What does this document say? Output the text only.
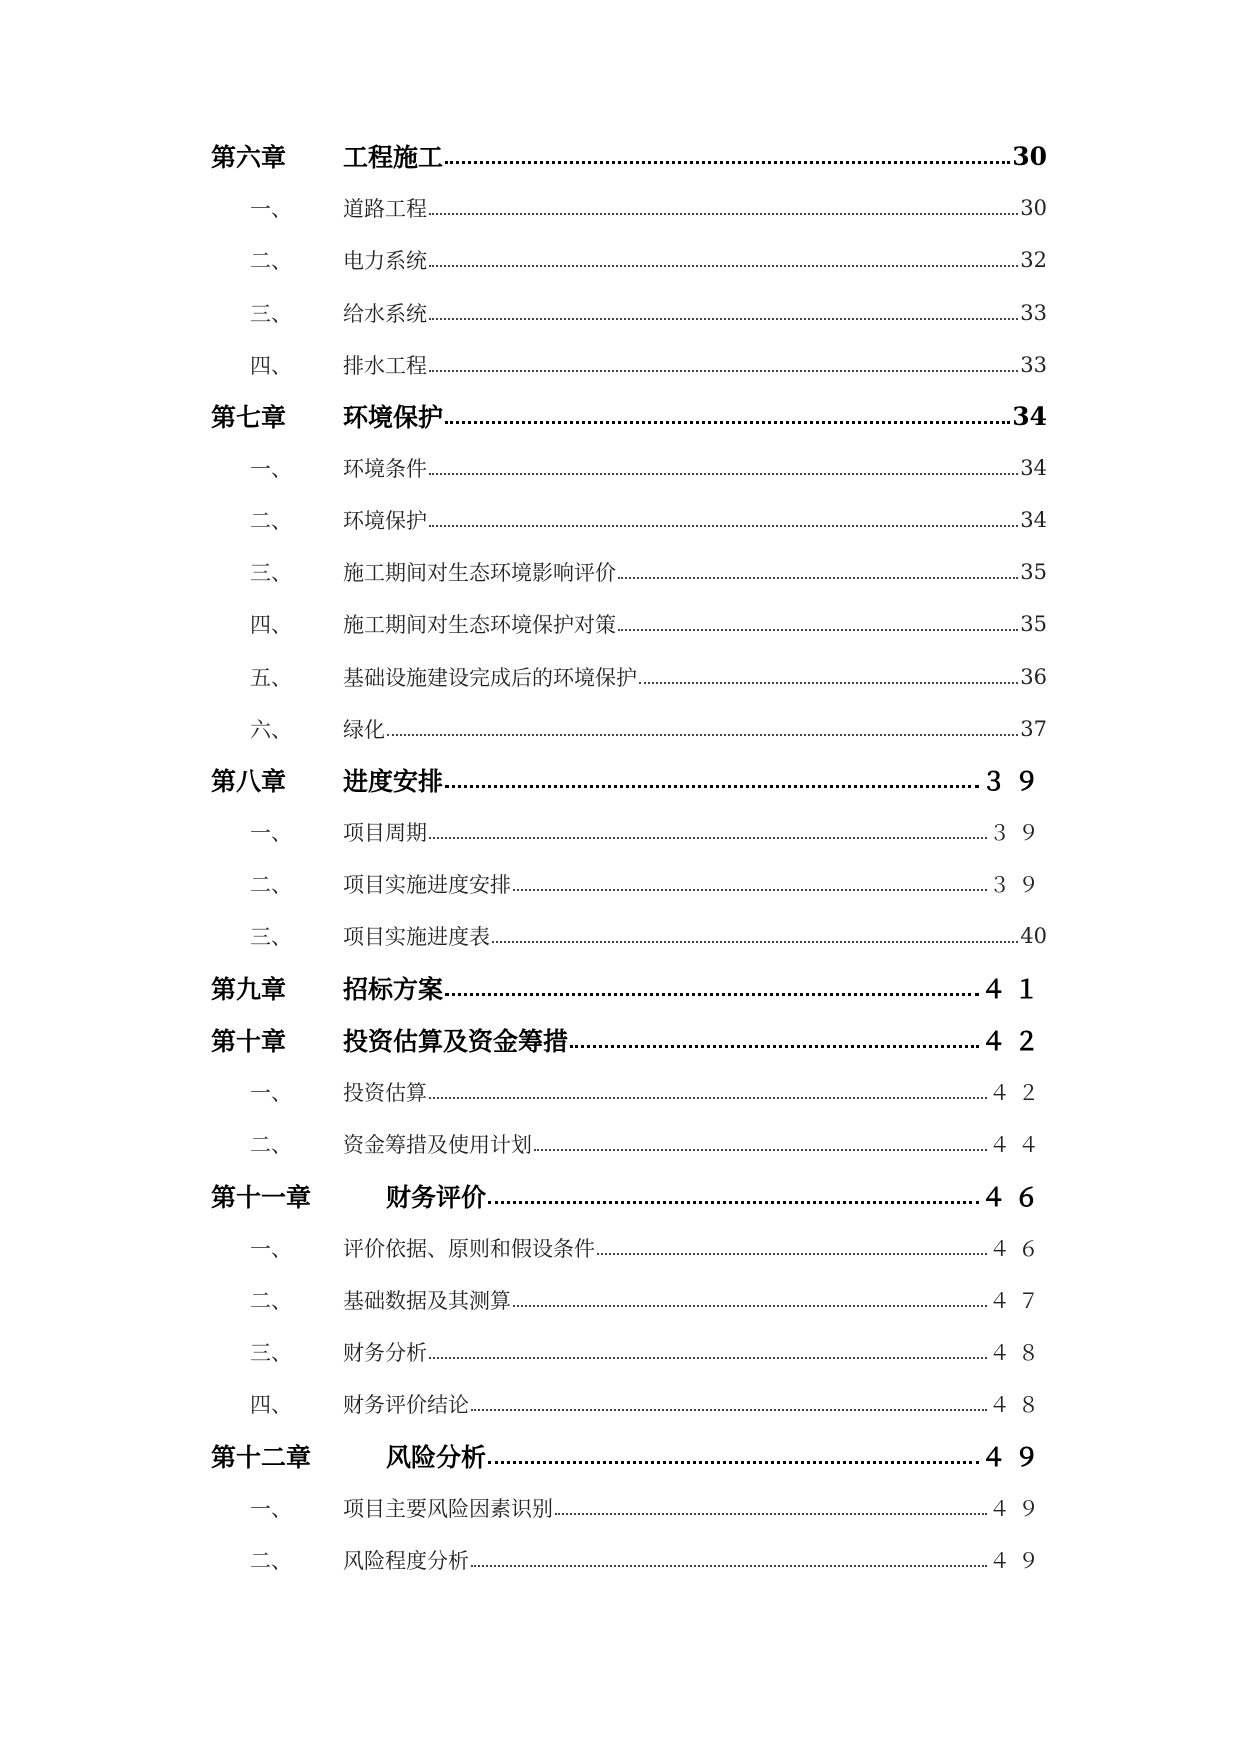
第六章	工程施工	30
一、	道路工程	30
二、	电力系统	32
三、	给水系统	33
四、	排水工程	33
第七章	环境保护	34
一、	环境条件	34
二、	环境保护	34
三、	施工期间对生态环境影响评价	35
四、	施工期间对生态环境保护对策	35
五、	基础设施建设完成后的环境保护	36
六、	绿化	37
第八章	进度安排	３９
一、	项目周期	３９
二、	项目实施进度安排	３９
三、	项目实施进度表	40
第九章	招标方案	４１
第十章	投资估算及资金筹措	４２
一、	投资估算	４２
二、	资金筹措及使用计划	４４
第十一章	财务评价	４６
一、	评价依据、原则和假设条件	４６
二、	基础数据及其测算	４７
三、	财务分析	４８
四、	财务评价结论	４８
第十二章	风险分析	４９
一、	项目主要风险因素识别	４９
二、	风险程度分析	４９
